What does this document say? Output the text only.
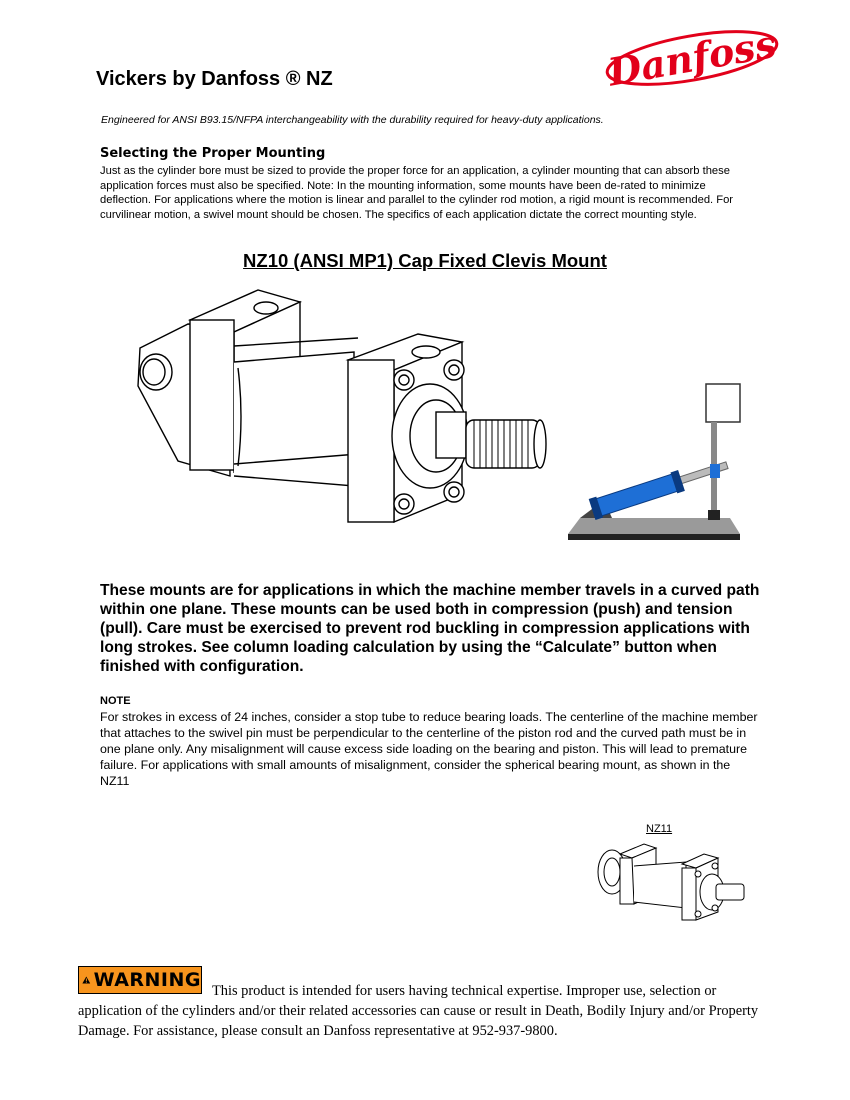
Vickers by Danfoss ® NZ	Danfoss
Engineered for ANSI B93.15/NFPA interchangeability with the durability required for heavy-duty applications.
Selecting the Proper Mounting
Just as the cylinder bore must be sized to provide the proper force for an application, a cylinder mounting that can absorb these application forces must also be specified. Note: In the mounting information, some mounts have been de-rated to minimize deflection. For applications where the motion is linear and parallel to the cylinder rod motion, a rigid mount is recommended. For curvilinear motion, a swivel mount should be chosen. The specifics of each application dictate the correct mounting style.
NZ10 (ANSI MP1) Cap Fixed Clevis Mount
These mounts are for applications in which the machine member travels in a curved path within one plane. These mounts can be used both in compression (push) and tension (pull). Care must be exercised to prevent rod buckling in compression applications with long strokes. See column loading calculation by using the “Calculate” button when finished with configuration.
NOTE
For strokes in excess of 24 inches, consider a stop tube to reduce bearing loads. The centerline of the machine member that attaches to the swivel pin must be perpendicular to the centerline of the piston rod and the curved path must be in one plane only. Any misalignment will cause excess side loading on the bearing and piston. This will lead to premature failure. For applications with small amounts of misalignment, consider the spherical bearing mount, as shown in the NZ11
NZ11
This product is intended for users having technical expertise. Improper use, selection or application of the cylinders and/or their related accessories can cause or result in Death, Bodily Injury and/or Property Damage. For assistance, please consult an Danfoss representative at 952-937-9800.
WARNING
